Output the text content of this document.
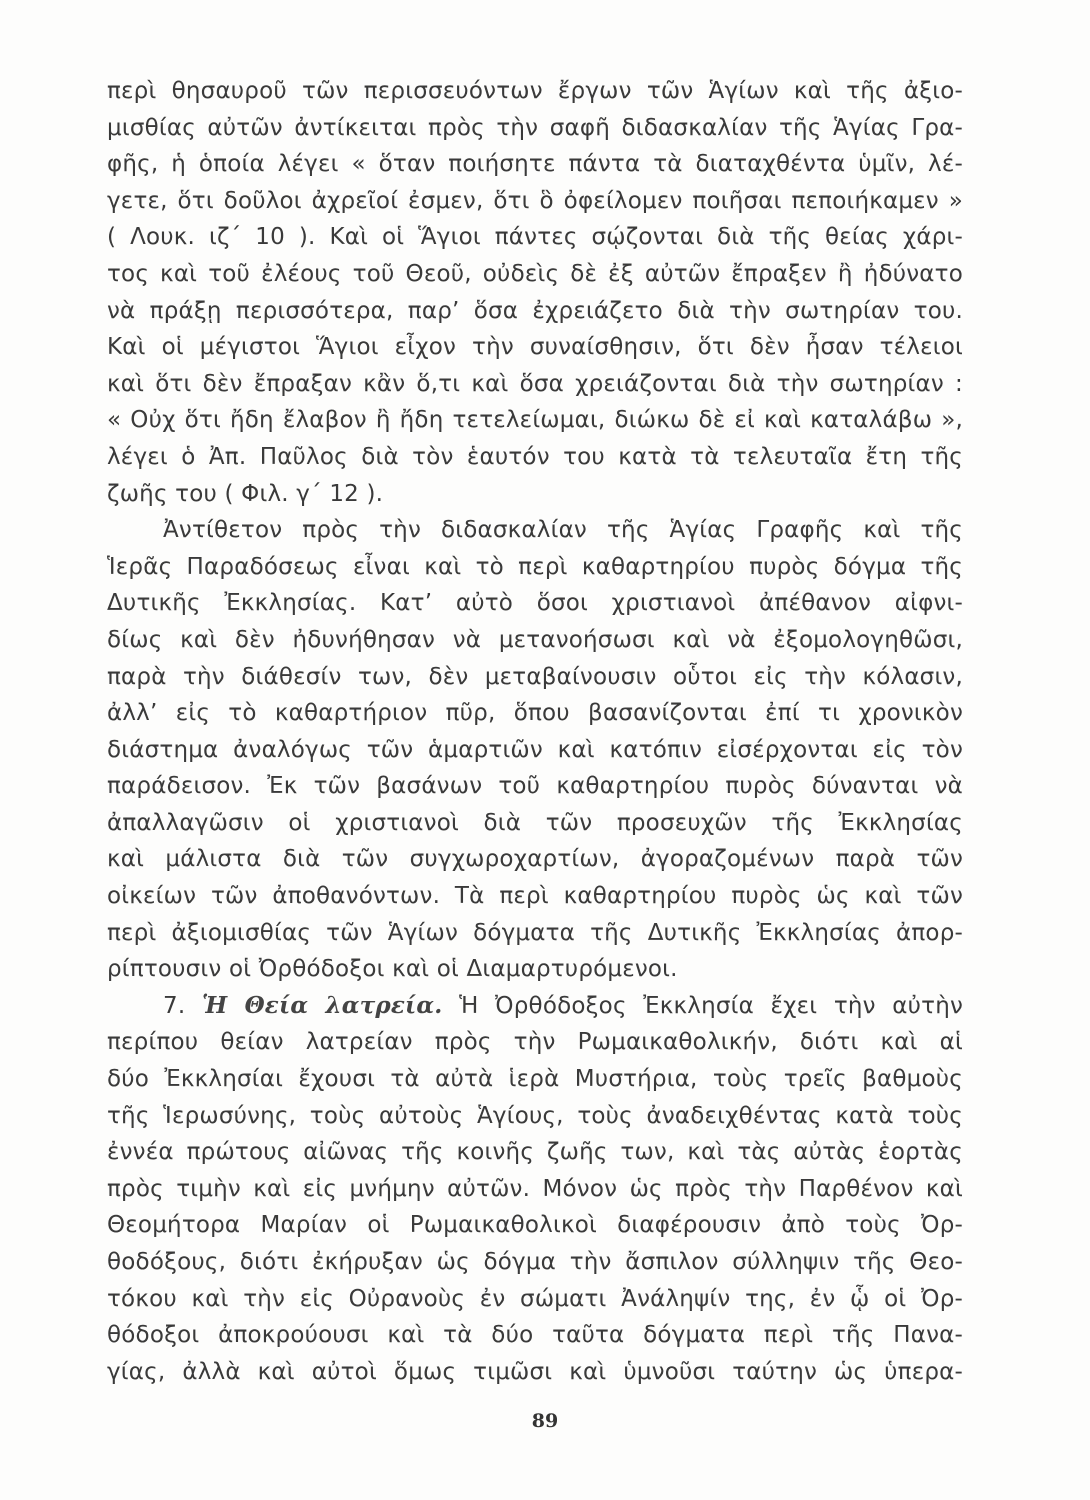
περὶ θησαυροῦ τῶν περισσευόντων ἔργων τῶν Ἁγίων καὶ τῆς ἀξιο-
μισθίας αὐτῶν ἀντίκειται πρὸς τὴν σαφῆ διδασκαλίαν τῆς Ἁγίας Γρα-
φῆς, ἡ ὁποία λέγει « ὅταν ποιήσητε πάντα τὰ διαταχθέντα ὑμῖν, λέ-
γετε, ὅτι δοῦλοι ἀχρεῖοί ἐσμεν, ὅτι ὃ ὀφείλομεν ποιῆσαι πεποιήκαμεν »
( Λουκ. ιζ΄ 10 ). Καὶ οἱ Ἅγιοι πάντες σῴζονται διὰ τῆς θείας χάρι-
τος καὶ τοῦ ἐλέους τοῦ Θεοῦ, οὐδεὶς δὲ ἐξ αὐτῶν ἔπραξεν ἢ ἠδύνατο
νὰ πράξῃ περισσότερα, παρ’ ὅσα ἐχρειάζετο διὰ τὴν σωτηρίαν του.
Καὶ οἱ μέγιστοι Ἅγιοι εἶχον τὴν συναίσθησιν, ὅτι δὲν ἦσαν τέλειοι
καὶ ὅτι δὲν ἔπραξαν κἂν ὅ,τι καὶ ὅσα χρειάζονται διὰ τὴν σωτηρίαν :
« Οὐχ ὅτι ἤδη ἔλαβον ἢ ἤδη τετελείωμαι, διώκω δὲ εἰ καὶ καταλάβω »,
λέγει ὁ Ἀπ. Παῦλος διὰ τὸν ἑαυτόν του κατὰ τὰ τελευταῖα ἔτη τῆς
ζωῆς του ( Φιλ. γ΄ 12 ).
Ἀντίθετον πρὸς τὴν διδασκαλίαν τῆς Ἁγίας Γραφῆς καὶ τῆς
Ἱερᾶς Παραδόσεως εἶναι καὶ τὸ περὶ καθαρτηρίου πυρὸς δόγμα τῆς
Δυτικῆς Ἐκκλησίας. Κατ’ αὐτὸ ὅσοι χριστιανοὶ ἀπέθανον αἰφνι-
δίως καὶ δὲν ἠδυνήθησαν νὰ μετανοήσωσι καὶ νὰ ἐξομολογηθῶσι,
παρὰ τὴν διάθεσίν των, δὲν μεταβαίνουσιν οὗτοι εἰς τὴν κόλασιν,
ἀλλ’ εἰς τὸ καθαρτήριον πῦρ, ὅπου βασανίζονται ἐπί τι χρονικὸν
διάστημα ἀναλόγως τῶν ἁμαρτιῶν καὶ κατόπιν εἰσέρχονται εἰς τὸν
παράδεισον. Ἐκ τῶν βασάνων τοῦ καθαρτηρίου πυρὸς δύνανται νὰ
ἀπαλλαγῶσιν οἱ χριστιανοὶ διὰ τῶν προσευχῶν τῆς Ἐκκλησίας
καὶ μάλιστα διὰ τῶν συγχωροχαρτίων, ἀγοραζομένων παρὰ τῶν
οἰκείων τῶν ἀποθανόντων. Τὰ περὶ καθαρτηρίου πυρὸς ὡς καὶ τῶν
περὶ ἀξιομισθίας τῶν Ἁγίων δόγματα τῆς Δυτικῆς Ἐκκλησίας ἀπορ-
ρίπτουσιν οἱ Ὀρθόδοξοι καὶ οἱ Διαμαρτυρόμενοι.
7. Ἡ Θεία λατρεία. Ἡ Ὀρθόδοξος Ἐκκλησία ἔχει τὴν αὐτὴν
περίπου θείαν λατρείαν πρὸς τὴν Ρωμαικαθολικήν, διότι καὶ αἱ
δύο Ἐκκλησίαι ἔχουσι τὰ αὐτὰ ἱερὰ Μυστήρια, τοὺς τρεῖς βαθμοὺς
τῆς Ἱερωσύνης, τοὺς αὐτοὺς Ἁγίους, τοὺς ἀναδειχθέντας κατὰ τοὺς
ἐννέα πρώτους αἰῶνας τῆς κοινῆς ζωῆς των, καὶ τὰς αὐτὰς ἑορτὰς
πρὸς τιμὴν καὶ εἰς μνήμην αὐτῶν. Μόνον ὡς πρὸς τὴν Παρθένον καὶ
Θεομήτορα Μαρίαν οἱ Ρωμαικαθολικοὶ διαφέρουσιν ἀπὸ τοὺς Ὀρ-
θοδόξους, διότι ἐκήρυξαν ὡς δόγμα τὴν ἄσπιλον σύλληψιν τῆς Θεο-
τόκου καὶ τὴν εἰς Οὐρανοὺς ἐν σώματι Ἀνάληψίν της, ἐν ᾧ οἱ Ὀρ-
θόδοξοι ἀποκρούουσι καὶ τὰ δύο ταῦτα δόγματα περὶ τῆς Πανα-
γίας, ἀλλὰ καὶ αὐτοὶ ὅμως τιμῶσι καὶ ὑμνοῦσι ταύτην ὡς ὑπερα-
89
